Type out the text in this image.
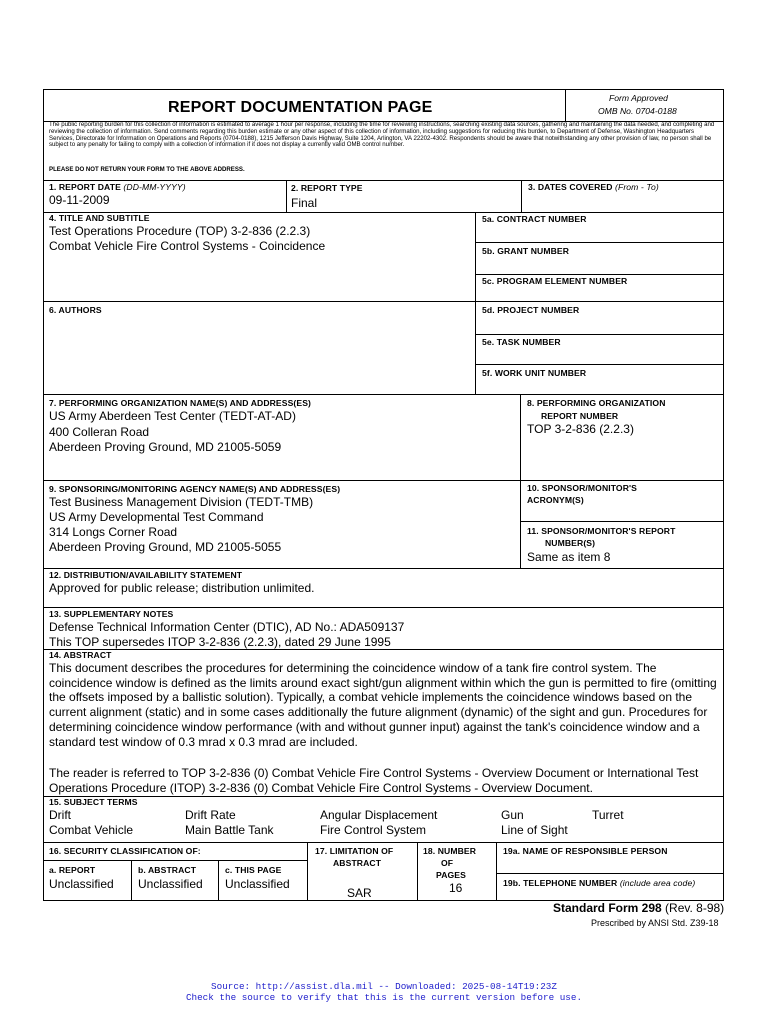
REPORT DOCUMENTATION PAGE
Form Approved
OMB No. 0704-0188
The public reporting burden for this collection of information is estimated to average 1 hour per response, including the time for reviewing instructions, searching existing data sources, gathering and maintaining the data needed, and completing and reviewing the collection of information. Send comments regarding this burden estimate or any other aspect of this collection of information, including suggestions for reducing this burden, to Department of Defense, Washington Headquarters Services, Directorate for Information on Operations and Reports (0704-0188), 1215 Jefferson Davis Highway, Suite 1204, Arlington, VA 22202-4302. Respondents should be aware that notwithstanding any other provision of law, no person shall be subject to any penalty for failing to comply with a collection of information if it does not display a currently valid OMB control number.
PLEASE DO NOT RETURN YOUR FORM TO THE ABOVE ADDRESS.
1. REPORT DATE (DD-MM-YYYY)
09-11-2009
2. REPORT TYPE
Final
3. DATES COVERED (From - To)
4. TITLE AND SUBTITLE
Test Operations Procedure (TOP) 3-2-836 (2.2.3)
Combat Vehicle Fire Control Systems - Coincidence
5a. CONTRACT NUMBER
5b. GRANT NUMBER
5c. PROGRAM ELEMENT NUMBER
6. AUTHORS	5d. PROJECT NUMBER
5e. TASK NUMBER
5f. WORK UNIT NUMBER
7. PERFORMING ORGANIZATION NAME(S) AND ADDRESS(ES)
US Army Aberdeen Test Center (TEDT-AT-AD)
400 Colleran Road
Aberdeen Proving Ground, MD 21005-5059
8. PERFORMING ORGANIZATION
REPORT NUMBER
TOP 3-2-836 (2.2.3)
9. SPONSORING/MONITORING AGENCY NAME(S) AND ADDRESS(ES)
Test Business Management Division (TEDT-TMB)
US Army Developmental Test Command
314 Longs Corner Road
Aberdeen Proving Ground, MD 21005-5055
10. SPONSOR/MONITOR'S
ACRONYM(S)
11. SPONSOR/MONITOR'S REPORT
NUMBER(S)
Same as item 8
12. DISTRIBUTION/AVAILABILITY STATEMENT
Approved for public release; distribution unlimited.
13. SUPPLEMENTARY NOTES
Defense Technical Information Center (DTIC), AD No.: ADA509137
This TOP supersedes ITOP 3-2-836 (2.2.3), dated 29 June 1995
14. ABSTRACT
This document describes the procedures for determining the coincidence window of a tank fire control system. The coincidence window is defined as the limits around exact sight/gun alignment within which the gun is permitted to fire (omitting the offsets imposed by a ballistic solution). Typically, a combat vehicle implements the coincidence windows based on the current alignment (static) and in some cases additionally the future alignment (dynamic) of the sight and gun. Procedures for determining coincidence window performance (with and without gunner input) against the tank's coincidence window and a standard test window of 0.3 mrad x 0.3 mrad are included.
The reader is referred to TOP 3-2-836 (0) Combat Vehicle Fire Control Systems - Overview Document or International Test Operations Procedure (ITOP) 3-2-836 (0) Combat Vehicle Fire Control Systems - Overview Document.
15. SUBJECT TERMS
Drift	Drift Rate	Angular Displacement	Gun	Turret
Combat Vehicle	Main Battle Tank	Fire Control System	Line of Sight
16. SECURITY CLASSIFICATION OF:
a. REPORT
Unclassified
b. ABSTRACT
Unclassified
c. THIS PAGE
Unclassified
17. LIMITATION OF
ABSTRACT
SAR
18. NUMBER
OF
PAGES
16
19a. NAME OF RESPONSIBLE PERSON
19b. TELEPHONE NUMBER (include area code)
Standard Form 298 (Rev. 8-98)
Prescribed by ANSI Std. Z39-18
Source: http://assist.dla.mil -- Downloaded: 2025-08-14T19:23Z
Check the source to verify that this is the current version before use.
